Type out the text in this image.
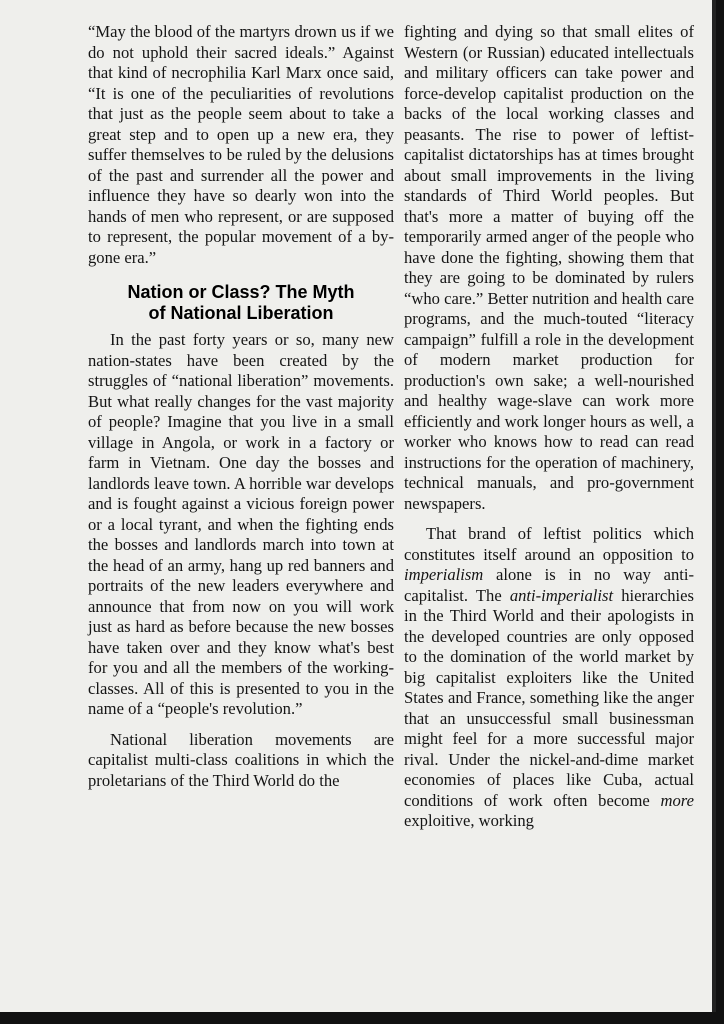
“May the blood of the martyrs drown us if we do not uphold their sacred ideals.” Against that kind of necrophilia Karl Marx once said, “It is one of the peculiarities of revolutions that just as the people seem about to take a great step and to open up a new era, they suffer themselves to be ruled by the delusions of the past and surrender all the power and influence they have so dearly won into the hands of men who represent, or are supposed to represent, the popular movement of a by-gone era.”

Nation or Class? The Myth
of National Liberation

In the past forty years or so, many new nation-states have been created by the struggles of “national liberation” movements. But what really changes for the vast majority of people? Imagine that you live in a small village in Angola, or work in a factory or farm in Vietnam. One day the bosses and landlords leave town. A horrible war develops and is fought against a vicious foreign power or a local tyrant, and when the fighting ends the bosses and landlords march into town at the head of an army, hang up red banners and portraits of the new leaders everywhere and announce that from now on you will work just as hard as before because the new bosses have taken over and they know what's best for you and all the members of the working-classes. All of this is presented to you in the name of a “people's revolution.”

National liberation movements are capitalist multi-class coalitions in which the proletarians of the Third World do the

fighting and dying so that small elites of Western (or Russian) educated intellectuals and military officers can take power and force-develop capitalist production on the backs of the local working classes and peasants. The rise to power of leftist-capitalist dictatorships has at times brought about small improvements in the living standards of Third World peoples. But that's more a matter of buying off the temporarily armed anger of the people who have done the fighting, showing them that they are going to be dominated by rulers “who care.” Better nutrition and health care programs, and the much-touted “literacy campaign” fulfill a role in the development of modern market production for production's own sake; a well-nourished and healthy wage-slave can work more efficiently and work longer hours as well, a worker who knows how to read can read instructions for the operation of machinery, technical manuals, and pro-government newspapers.

That brand of leftist politics which constitutes itself around an opposition to imperialism alone is in no way anti-capitalist. The anti-imperialist hierarchies in the Third World and their apologists in the developed countries are only opposed to the domination of the world market by big capitalist exploiters like the United States and France, something like the anger that an unsuccessful small businessman might feel for a more successful major rival. Under the nickel-and-dime market economies of places like Cuba, actual conditions of work often become more exploitive, working
